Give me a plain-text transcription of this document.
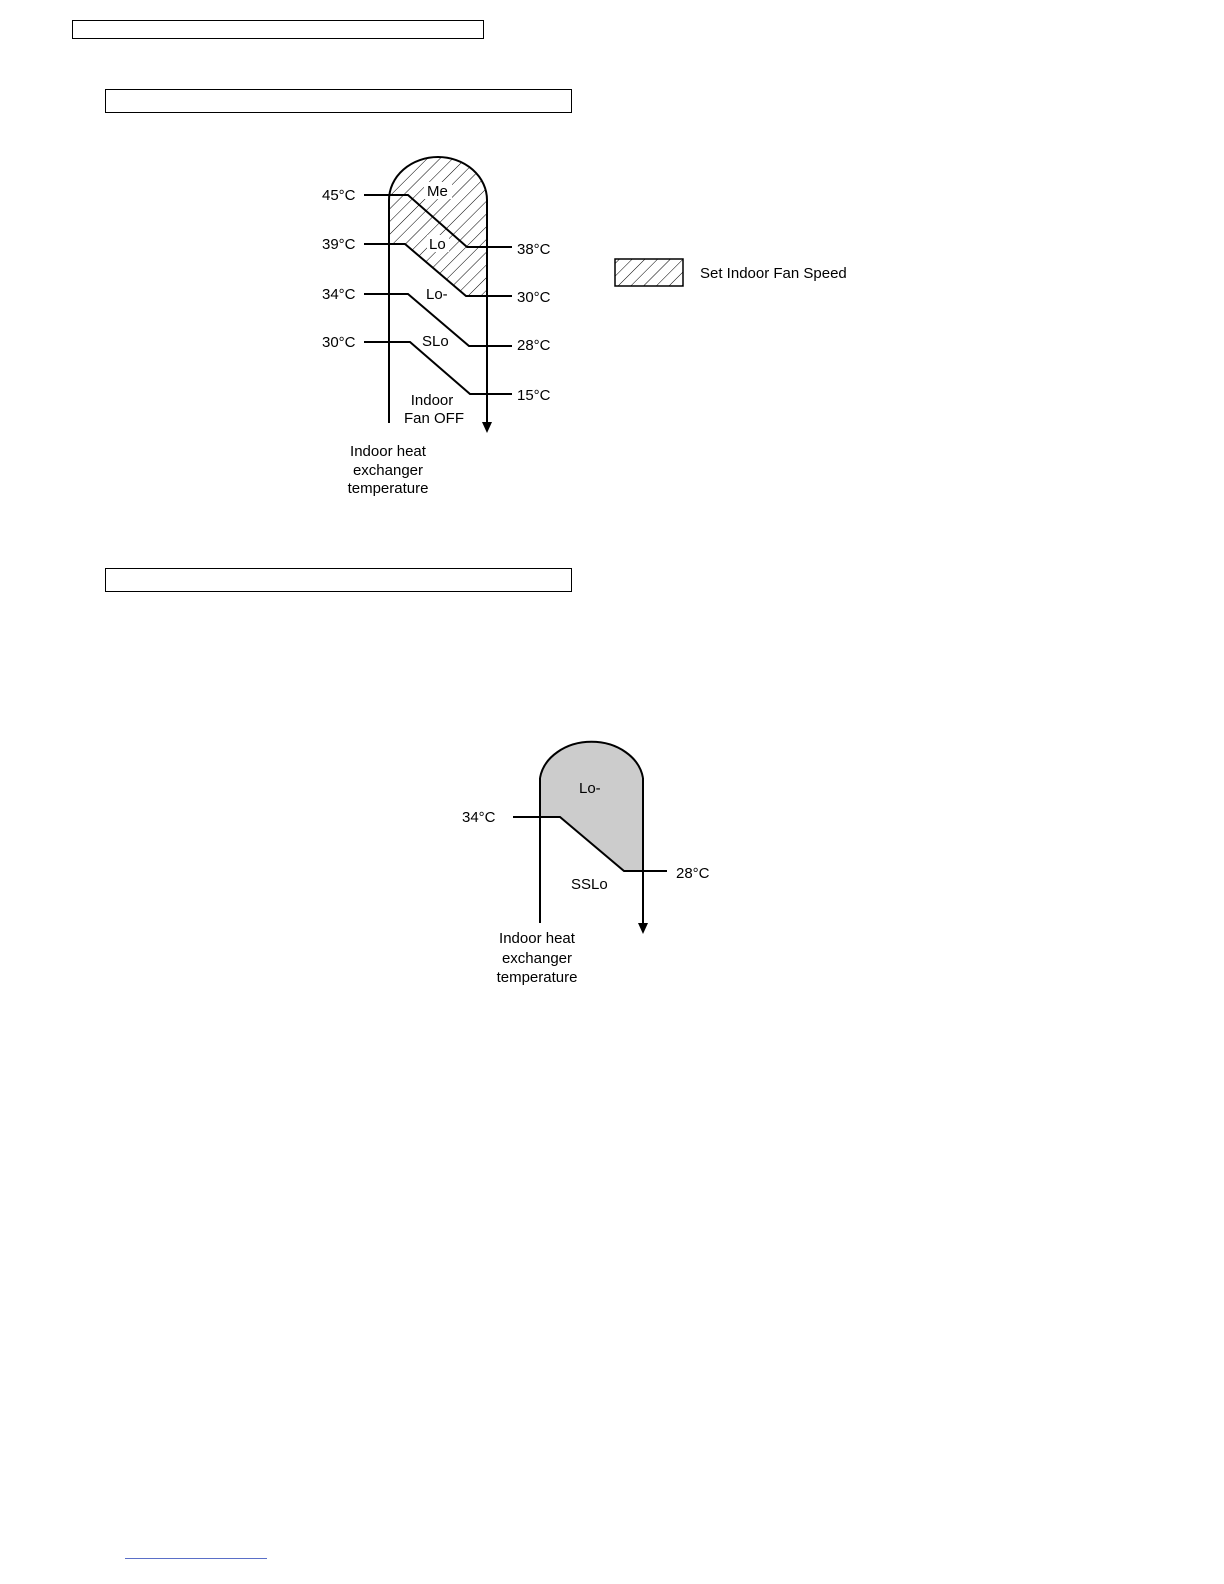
45°C
39°C
34°C
30°C
38°C
30°C
28°C
15°C
Me
Lo
Lo-
SLo
Indoor
Fan OFF
Indoor heat
exchanger
temperature
Set Indoor Fan Speed
34°C
28°C
Lo-
SSLo
Indoor heat
exchanger
temperature
